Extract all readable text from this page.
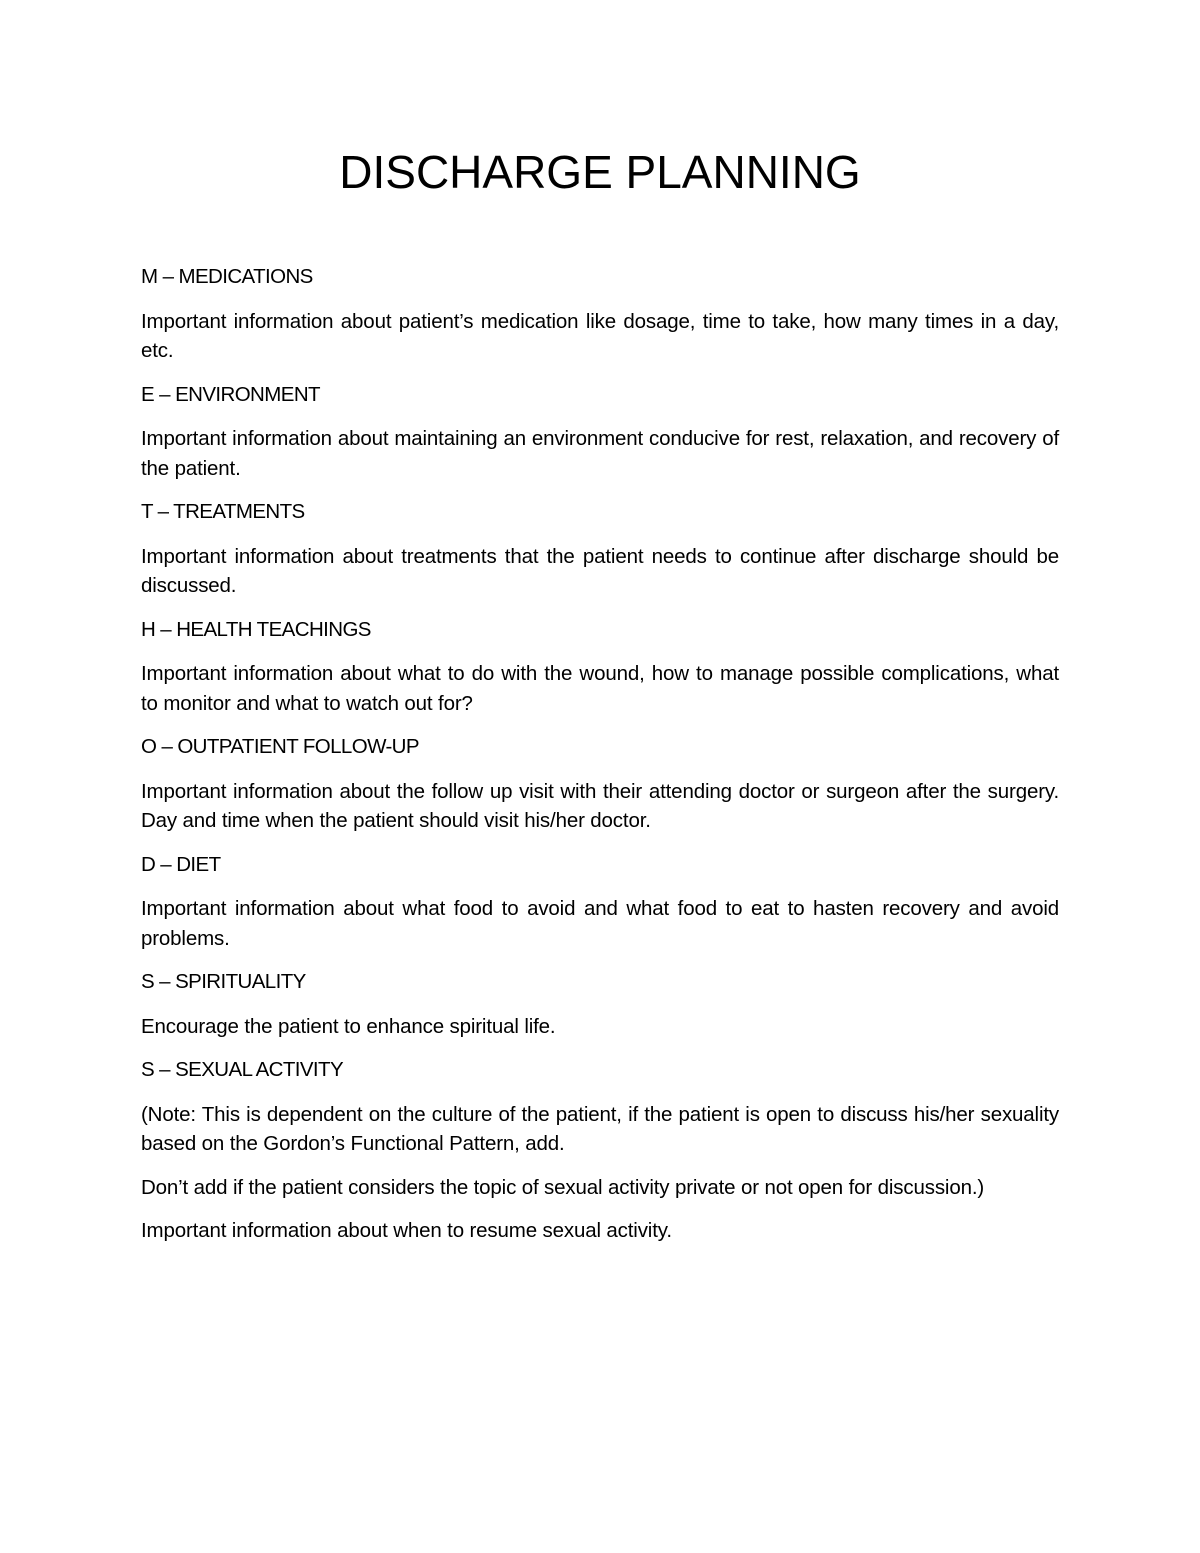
DISCHARGE PLANNING
M – MEDICATIONS
Important information about patient’s medication like dosage, time to take, how many times in a day, etc.
E – ENVIRONMENT
Important information about maintaining an environment conducive for rest, relaxation, and recovery of the patient.
T – TREATMENTS
Important information about treatments that the patient needs to continue after discharge should be discussed.
H – HEALTH TEACHINGS
Important information about what to do with the wound, how to manage possible complications, what to monitor and what to watch out for?
O – OUTPATIENT FOLLOW-UP
Important information about the follow up visit with their attending doctor or surgeon after the surgery. Day and time when the patient should visit his/her doctor.
D – DIET
Important information about what food to avoid and what food to eat to hasten recovery and avoid problems.
S – SPIRITUALITY
Encourage the patient to enhance spiritual life.
S – SEXUAL ACTIVITY
(Note: This is dependent on the culture of the patient, if the patient is open to discuss his/her sexuality based on the Gordon’s Functional Pattern, add.
Don’t add if the patient considers the topic of sexual activity private or not open for discussion.)
Important information about when to resume sexual activity.
